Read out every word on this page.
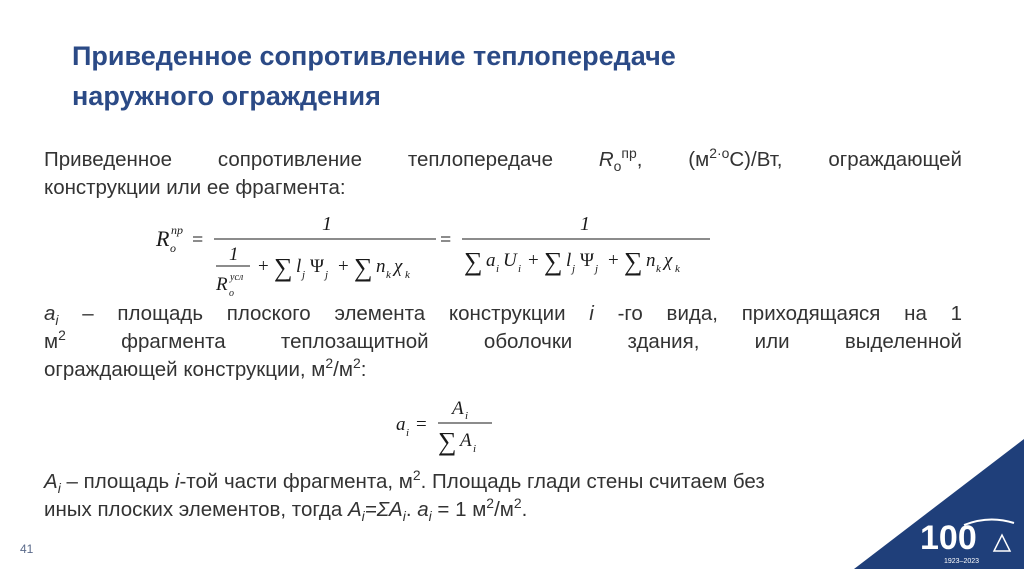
Приведенное сопротивление теплопередаче
наружного ограждения
Приведенное сопротивление теплопередаче $R_о^{пр}$, $(м^{2\cdot о}С)/Вт$, ограждающей
конструкции или ее фрагмента:
R пр
o =
1
1
R усл
o
+ ∑ l j Ψ j + ∑ n k χ k
=
1
∑ a i U i + ∑ l j Ψ j + ∑ n k χ k
$a_i$ – площадь плоского элемента конструкции i -го вида, приходящаяся на 1
$м^2$ фрагмента теплозащитной оболочки здания, или выделенной
ограждающей конструкции, $м^2/м^2$:
a i =
A i
∑ A i
$A_i$ – площадь i-той части фрагмента, $м^2$. Площадь глади стены считаем без
иных плоских элементов, тогда $A_i=\Sigma A_i$. $a_i = 1$ $м^2/м^2$.
41	100
1923–2023
